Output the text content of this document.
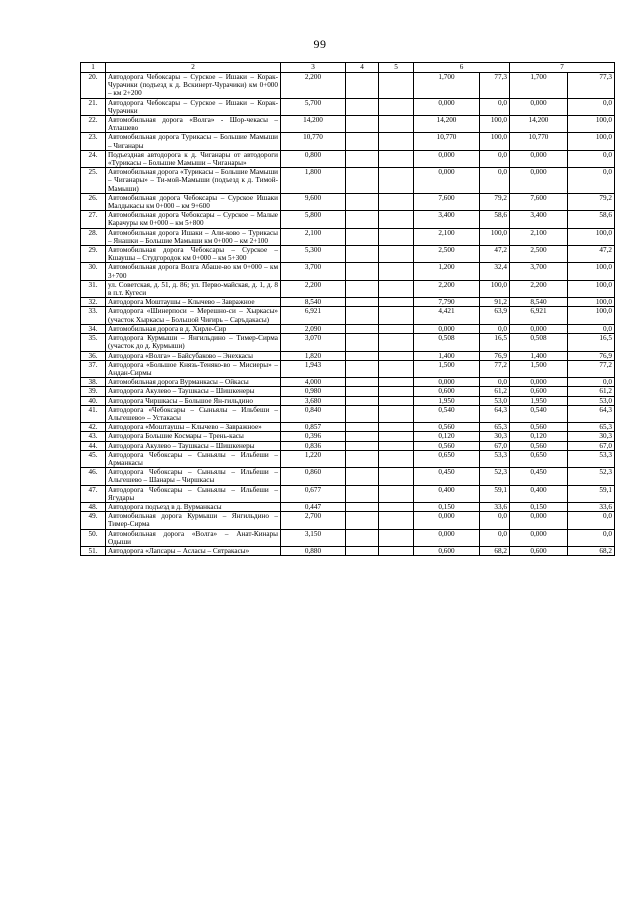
99
1	2	3	4	5	6		7	
20.	Автодорога Чебоксары – Сурское – Ишаки – Корак-Чурачики (подъезд к д. Вскинерт-Чурачики) км 0+000 – км 2+200	2,200			1,700	77,3	1,700	77,3
21.	Автодорога Чебоксары – Сурское – Ишаки – Корак-Чурачики	5,700			0,000	0,0	0,000	0,0
22.	Автомобильная дорога «Волга» - Шор-чекасы – Атлашево	14,200			14,200	100,0	14,200	100,0
23.	Автомобильная дорога Турикасы – Большие Мамыши – Чиганары	10,770			10,770	100,0	10,770	100,0
24.	Подъездная автодорога к д. Чиганары от автодороги «Турикасы – Большие Мамыши – Чиганары»	0,800			0,000	0,0	0,000	0,0
25.	Автомобильная дорога «Турикасы – Большие Мамыши – Чиганары» – Ти-мой-Мамыши (подъезд к д. Тимой-Мамыши)	1,800			0,000	0,0	0,000	0,0
26.	Автомобильная дорога Чебоксары – Сурское Ишаки Малдыкасы км 0+000 – км 9+600	9,600			7,600	79,2	7,600	79,2
27.	Автомобильная дорога Чебоксары – Сурское – Малые Карачуры км 0+000 – км 5+800	5,800			3,400	58,6	3,400	58,6
28.	Автомобильная дорога Ишаки – Али-ково – Турикасы – Янашки – Большие Мамыши км 0+000 – км 2+100	2,100			2,100	100,0	2,100	100,0
29.	Автомобильная дорога Чебоксары – Сурское – Кшаушы – Студгородок км 0+000 – км 5+300	5,300			2,500	47,2	2,500	47,2
30.	Автомобильная дорога Волга Абаше-во км 0+000 – км 3+700	3,700			1,200	32,4	3,700	100,0
31.	ул. Советская, д. 51, д. 86; ул. Перво-майская, д. 1, д. 8 в п.т. Кугеси	2,200			2,200	100,0	2,200	100,0
32.	Автодорога Моштаушы – Клычево – Завражное	8,540			7,790	91,2	8,540	100,0
33.	Автодорога «Шинерпоси – Мерешно-си – Хыркасы» (участок Хыркасы – Большой Чиғирь – Саръдакасы)	6,921			4,421	63,9	6,921	100,0
34.	Автомобильная дорога в д. Хирле-Сир	2,090			0,000	0,0	0,000	0,0
35.	Автодорога Курмыши – Янгильдино – Тимер-Сирма (участок до д. Курмыши)	3,070			0,508	16,5	0,508	16,5
36.	Автодорога «Волга» – Байсубаково – Энехкасы	1,820			1,400	76,9	1,400	76,9
37.	Автодорога «Большое Князь-Теняко-во – Мисиеры» – Андан-Сирмы	1,943			1,500	77,2	1,500	77,2
38.	Автомобильная дорога Вурманкасы – Ойкасы	4,000			0,000	0,0	0,000	0,0
39.	Автодорога Акулево – Таушкасы – Шишкенеры	0,980			0,600	61,2	0,600	61,2
40.	Автодорога Чиршкасы – Большое Ян-гильдино	3,680			1,950	53,0	1,950	53,0
41.	Автодорога «Чебоксары – Сыньялы – Ильбеши – Альгешево» – Устакасы	0,840			0,540	64,3	0,540	64,3
42.	Автодорога «Моштаушы – Клычево – Завражное»	0,857			0,560	65,3	0,560	65,3
43.	Автодорога Большие Космары – Трень-касы	0,396			0,120	30,3	0,120	30,3
44.	Автодорога Акулево – Таушкасы – Шишкенеры	0,836			0,560	67,0	0,560	67,0
45.	Автодорога Чебоксары – Сыньялы – Ильбеши – Арманкасы	1,220			0,650	53,3	0,650	53,3
46.	Автодорога Чебоксары – Сыньялы – Ильбеши – Альгешево – Шанары – Чиршкасы	0,860			0,450	52,3	0,450	52,3
47.	Автодорога Чебоксары – Сыньялы – Ильбеши – Ягудары	0,677			0,400	59,1	0,400	59,1
48.	Автодорога подъезд в д. Вурманкасы	0,447			0,150	33,6	0,150	33,6
49.	Автомобильная дорога Курмыши – Янгильдино – Тимер-Сирма	2,700			0,000	0,0	0,000	0,0
50.	Автомобильная дорога «Волга» – Анат-Кинары Одыши	3,150			0,000	0,0	0,000	0,0
51.	Автодорога «Лапсары – Асласы – Сятракасы»	0,880			0,600	68,2	0,600	68,2
